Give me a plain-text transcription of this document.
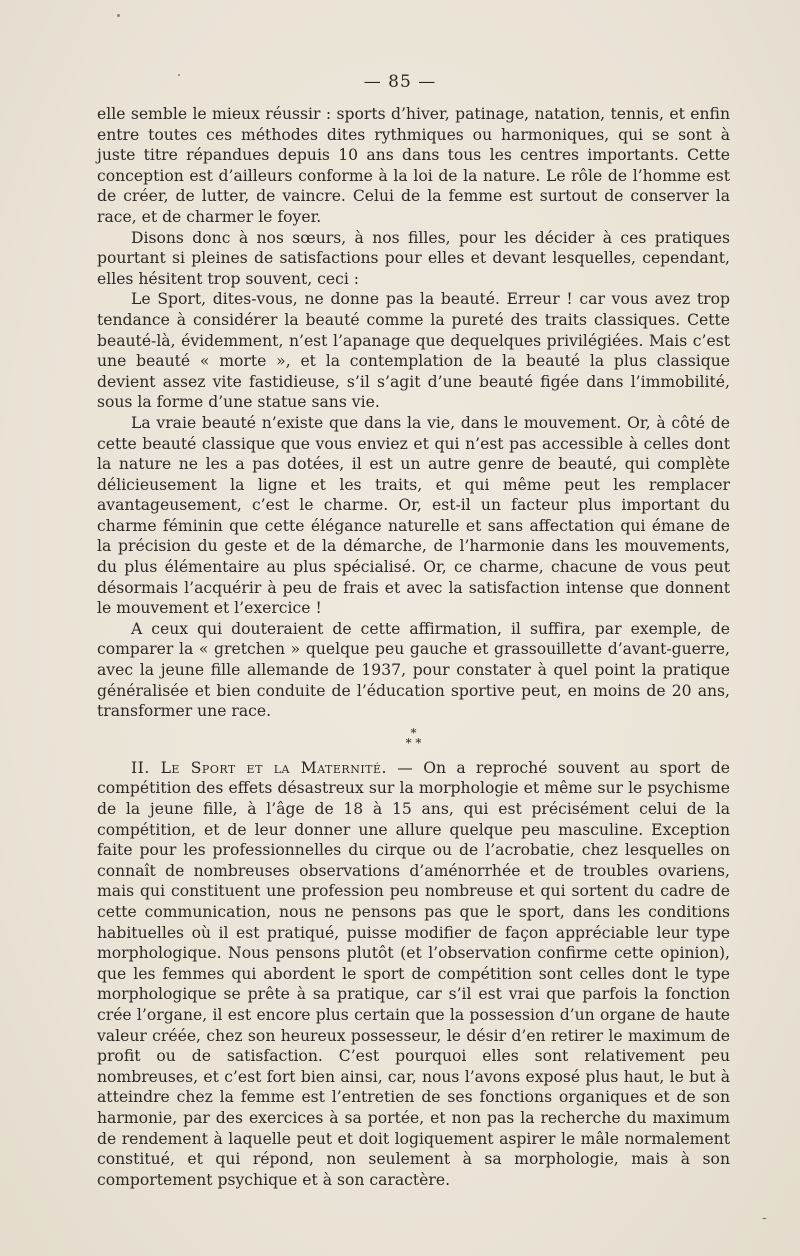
— 85 —

elle semble le mieux réussir : sports d’hiver, patinage, natation, tennis, et enfin entre toutes ces méthodes dites rythmiques ou harmoniques, qui se sont à juste titre répandues depuis 10 ans dans tous les centres importants. Cette conception est d’ailleurs conforme à la loi de la nature. Le rôle de l’homme est de créer, de lutter, de vaincre. Celui de la femme est surtout de conserver la race, et de charmer le foyer.

Disons donc à nos sœurs, à nos filles, pour les décider à ces pratiques pourtant si pleines de satisfactions pour elles et devant lesquelles, cependant, elles hésitent trop souvent, ceci :

Le Sport, dites-vous, ne donne pas la beauté. Erreur ! car vous avez trop tendance à considérer la beauté comme la pureté des traits classiques. Cette beauté-là, évidemment, n’est l’apanage que dequelques privilégiées. Mais c’est une beauté « morte », et la contemplation de la beauté la plus classique devient assez vite fastidieuse, s’il s’agit d’une beauté figée dans l’immobilité, sous la forme d’une statue sans vie.

La vraie beauté n’existe que dans la vie, dans le mouvement. Or, à côté de cette beauté classique que vous enviez et qui n’est pas accessible à celles dont la nature ne les a pas dotées, il est un autre genre de beauté, qui complète délicieusement la ligne et les traits, et qui même peut les remplacer avantageusement, c’est le charme. Or, est-il un facteur plus important du charme féminin que cette élégance naturelle et sans affectation qui émane de la précision du geste et de la démarche, de l’harmonie dans les mouvements, du plus élémentaire au plus spécialisé. Or, ce charme, chacune de vous peut désormais l’acquérir à peu de frais et avec la satisfaction intense que donnent le mouvement et l’exercice !

A ceux qui douteraient de cette affirmation, il suffira, par exemple, de comparer la « gretchen » quelque peu gauche et grassouillette d’avant-guerre, avec la jeune fille allemande de 1937, pour constater à quel point la pratique généralisée et bien conduite de l’éducation sportive peut, en moins de 20 ans, transformer une race.

*
* *

II. Le Sport et la Maternité. — On a reproché souvent au sport de compétition des effets désastreux sur la morphologie et même sur le psychisme de la jeune fille, à l’âge de 18 à 15 ans, qui est précisément celui de la compétition, et de leur donner une allure quelque peu masculine. Exception faite pour les professionnelles du cirque ou de l’acrobatie, chez lesquelles on connaît de nombreuses observations d’aménorrhée et de troubles ovariens, mais qui constituent une profession peu nombreuse et qui sortent du cadre de cette communication, nous ne pensons pas que le sport, dans les conditions habituelles où il est pratiqué, puisse modifier de façon appréciable leur type morphologique. Nous pensons plutôt (et l’observation confirme cette opinion), que les femmes qui abordent le sport de compétition sont celles dont le type morphologique se prête à sa pratique, car s’il est vrai que parfois la fonction crée l’organe, il est encore plus certain que la possession d’un organe de haute valeur créée, chez son heureux possesseur, le désir d’en retirer le maximum de profit ou de satisfaction. C’est pourquoi elles sont relativement peu nombreuses, et c’est fort bien ainsi, car, nous l’avons exposé plus haut, le but à atteindre chez la femme est l’entretien de ses fonctions organiques et de son harmonie, par des exercices à sa portée, et non pas la recherche du maximum de rendement à laquelle peut et doit logiquement aspirer le mâle normalement constitué, et qui répond, non seulement à sa morphologie, mais à son comportement psychique et à son caractère.

-
